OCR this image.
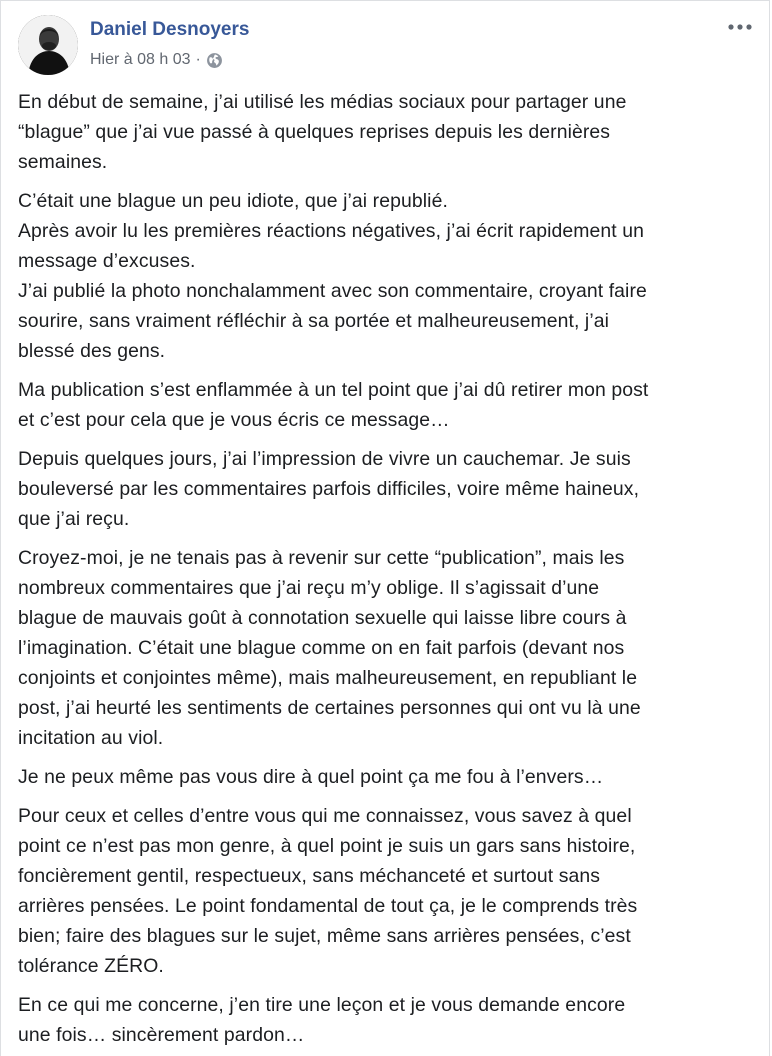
Daniel Desnoyers
Hier à 08 h 03 ·

En début de semaine, j’ai utilisé les médias sociaux pour partager une
“blague” que j’ai vue passé à quelques reprises depuis les dernières
semaines.

C’était une blague un peu idiote, que j’ai republié.
Après avoir lu les premières réactions négatives, j’ai écrit rapidement un
message d’excuses.
J’ai publié la photo nonchalamment avec son commentaire, croyant faire
sourire, sans vraiment réfléchir à sa portée et malheureusement, j’ai
blessé des gens.

Ma publication s’est enflammée à un tel point que j’ai dû retirer mon post
et c’est pour cela que je vous écris ce message…

Depuis quelques jours, j’ai l’impression de vivre un cauchemar. Je suis
bouleversé par les commentaires parfois difficiles, voire même haineux,
que j’ai reçu.

Croyez-moi, je ne tenais pas à revenir sur cette “publication”, mais les
nombreux commentaires que j’ai reçu m’y oblige. Il s’agissait d’une
blague de mauvais goût à connotation sexuelle qui laisse libre cours à
l’imagination. C’était une blague comme on en fait parfois (devant nos
conjoints et conjointes même), mais malheureusement, en republiant le
post, j’ai heurté les sentiments de certaines personnes qui ont vu là une
incitation au viol.

Je ne peux même pas vous dire à quel point ça me fou à l’envers…

Pour ceux et celles d’entre vous qui me connaissez, vous savez à quel
point ce n’est pas mon genre, à quel point je suis un gars sans histoire,
foncièrement gentil, respectueux, sans méchanceté et surtout sans
arrières pensées. Le point fondamental de tout ça, je le comprends très
bien; faire des blagues sur le sujet, même sans arrières pensées, c’est
tolérance ZÉRO.

En ce qui me concerne, j’en tire une leçon et je vous demande encore
une fois… sincèrement pardon…
